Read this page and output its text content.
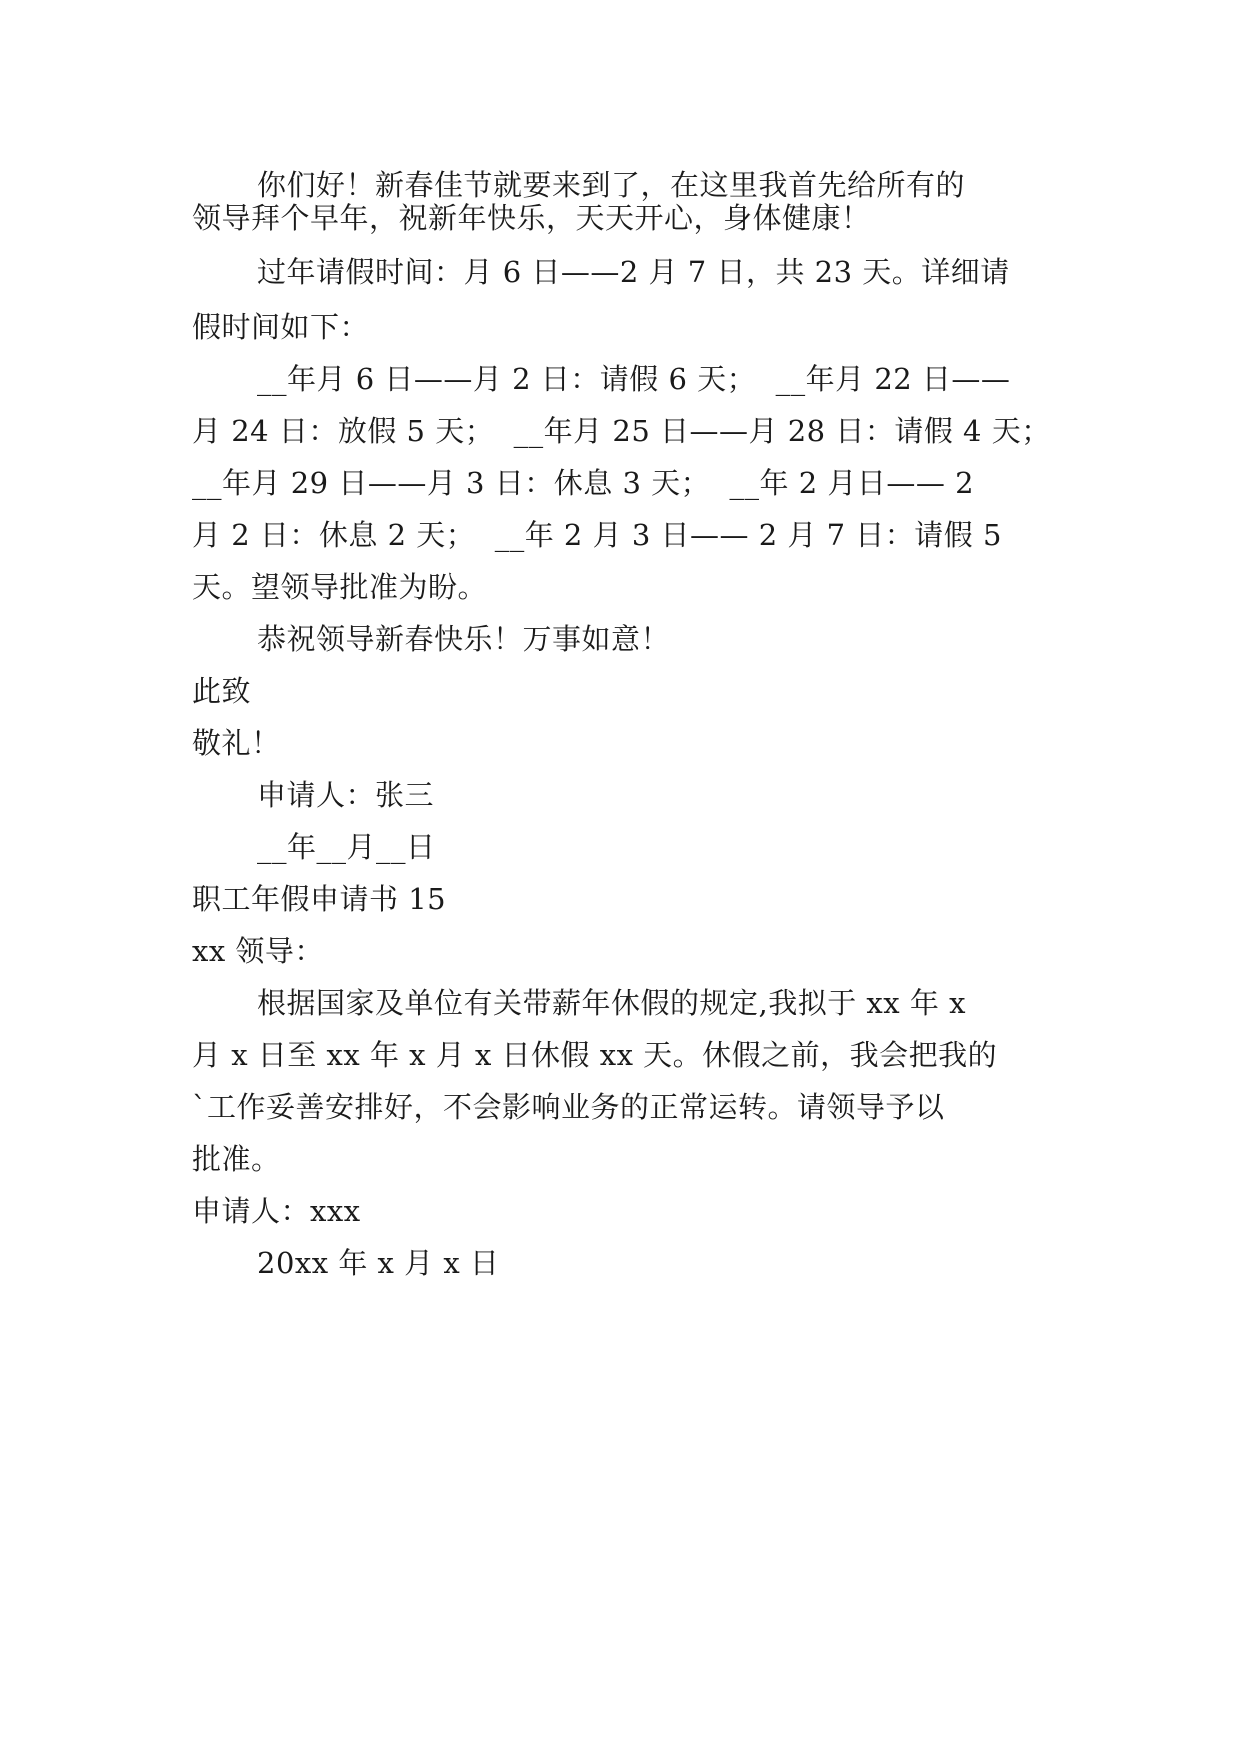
你们好！新春佳节就要来到了，在这里我首先给所有的
领导拜个早年，祝新年快乐，天天开心，身体健康！
过年请假时间：月 6 日——2 月 7 日，共 23 天。详细请
假时间如下：
__年月 6 日——月 2 日：请假 6 天；  __年月 22 日——
月 24 日：放假 5 天；  __年月 25 日——月 28 日：请假 4 天；
__年月 29 日——月 3 日：休息 3 天；  __年 2 月日—— 2
月 2 日：休息 2 天；  __年 2 月 3 日—— 2 月 7 日：请假 5
天。望领导批准为盼。
恭祝领导新春快乐！万事如意！
此致
敬礼！
申请人：张三
__年__月__日
职工年假申请书 15
xx 领导：
根据国家及单位有关带薪年休假的规定,我拟于 xx 年 x
月 x 日至 xx 年 x 月 x 日休假 xx 天。休假之前，我会把我的
`工作妥善安排好，不会影响业务的正常运转。请领导予以
批准。
申请人：xxx
20xx 年 x 月 x 日
